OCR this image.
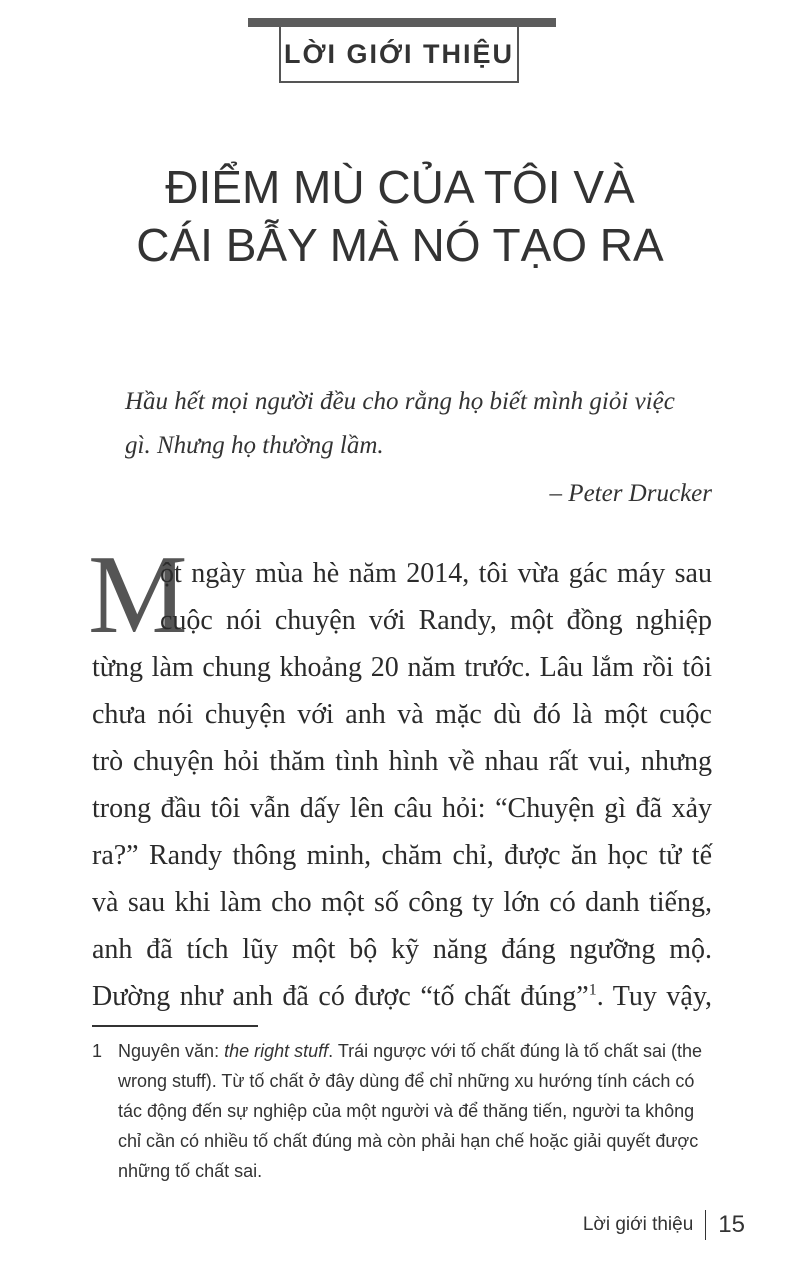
LỜI GIỚI THIỆU
ĐIỂM MÙ CỦA TÔI VÀ
CÁI BẪY MÀ NÓ TẠO RA
Hầu hết mọi người đều cho rằng họ biết mình giỏi việc
gì. Nhưng họ thường lầm.
– Peter Drucker
M
ột ngày mùa hè năm 2014, tôi vừa gác máy sau
cuộc nói chuyện với Randy, một đồng nghiệp
từng làm chung khoảng 20 năm trước. Lâu lắm rồi tôi
chưa nói chuyện với anh và mặc dù đó là một cuộc
trò chuyện hỏi thăm tình hình về nhau rất vui, nhưng
trong đầu tôi vẫn dấy lên câu hỏi: “Chuyện gì đã xảy
ra?” Randy thông minh, chăm chỉ, được ăn học tử tế
và sau khi làm cho một số công ty lớn có danh tiếng,
anh đã tích lũy một bộ kỹ năng đáng ngưỡng mộ.
Dường như anh đã có được “tố chất đúng”$^1$. Tuy vậy,
1 Nguyên văn: the right stuff. Trái ngược với tố chất đúng là tố chất sai (the wrong stuff). Từ tố chất ở đây dùng để chỉ những xu hướng tính cách có tác động đến sự nghiệp của một người và để thăng tiến, người ta không chỉ cần có nhiều tố chất đúng mà còn phải hạn chế hoặc giải quyết được những tố chất sai.
Lời giới thiệu 15
